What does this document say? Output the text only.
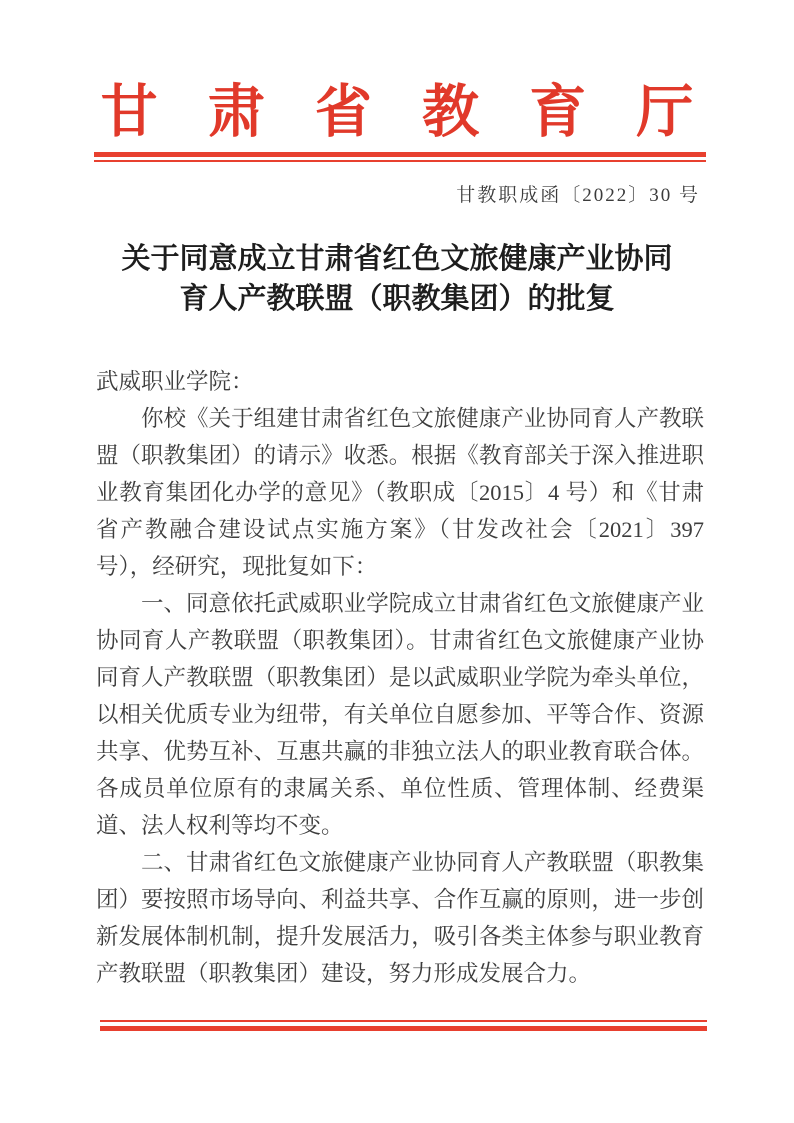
甘肃省教育厅
甘教职成函〔2022〕30 号
关于同意成立甘肃省红色文旅健康产业协同
育人产教联盟（职教集团）的批复

武威职业学院：

你校《关于组建甘肃省红色文旅健康产业协同育人产教联盟（职教集团）的请示》收悉。根据《教育部关于深入推进职业教育集团化办学的意见》（教职成〔2015〕4 号）和《甘肃省产教融合建设试点实施方案》（甘发改社会〔2021〕397 号），经研究，现批复如下：

一、同意依托武威职业学院成立甘肃省红色文旅健康产业协同育人产教联盟（职教集团）。甘肃省红色文旅健康产业协同育人产教联盟（职教集团）是以武威职业学院为牵头单位，以相关优质专业为纽带，有关单位自愿参加、平等合作、资源共享、优势互补、互惠共赢的非独立法人的职业教育联合体。各成员单位原有的隶属关系、单位性质、管理体制、经费渠道、法人权利等均不变。

二、甘肃省红色文旅健康产业协同育人产教联盟（职教集团）要按照市场导向、利益共享、合作互赢的原则，进一步创新发展体制机制，提升发展活力，吸引各类主体参与职业教育产教联盟（职教集团）建设，努力形成发展合力。
